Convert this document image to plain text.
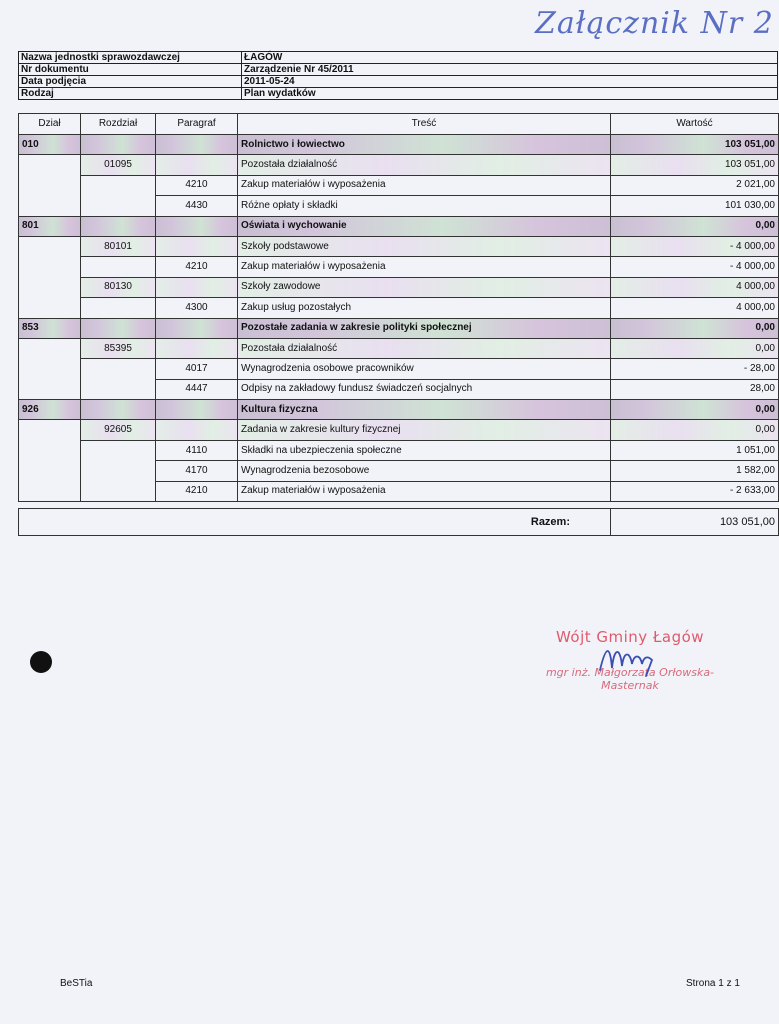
Załącznik Nr 2
Nazwa jednostki sprawozdawczej	ŁAGÓW
Nr dokumentu	Zarządzenie Nr 45/2011
Data podjęcia	2011-05-24
Rodzaj	Plan wydatków
Dział	Rozdział	Paragraf	Treść	Wartość
010			Rolnictwo i łowiectwo	103 051,00
	01095		Pozostała działalność	103 051,00
		4210	Zakup materiałów i wyposażenia	2 021,00
		4430	Różne opłaty i składki	101 030,00
801			Oświata i wychowanie	0,00
	80101		Szkoły podstawowe	- 4 000,00
		4210	Zakup materiałów i wyposażenia	- 4 000,00
	80130		Szkoły zawodowe	4 000,00
		4300	Zakup usług pozostałych	4 000,00
853			Pozostałe zadania w zakresie polityki społecznej	0,00
	85395		Pozostała działalność	0,00
		4017	Wynagrodzenia osobowe pracowników	- 28,00
		4447	Odpisy na zakładowy fundusz świadczeń socjalnych	28,00
926			Kultura fizyczna	0,00
	92605		Zadania w zakresie kultury fizycznej	0,00
		4110	Składki na ubezpieczenia społeczne	1 051,00
		4170	Wynagrodzenia bezosobowe	1 582,00
		4210	Zakup materiałów i wyposażenia	- 2 633,00

Razem:				103 051,00
Wójt Gminy Łagów
mgr inż. Małgorzata Orłowska-Masternak
BeSTia	Strona 1 z 1
